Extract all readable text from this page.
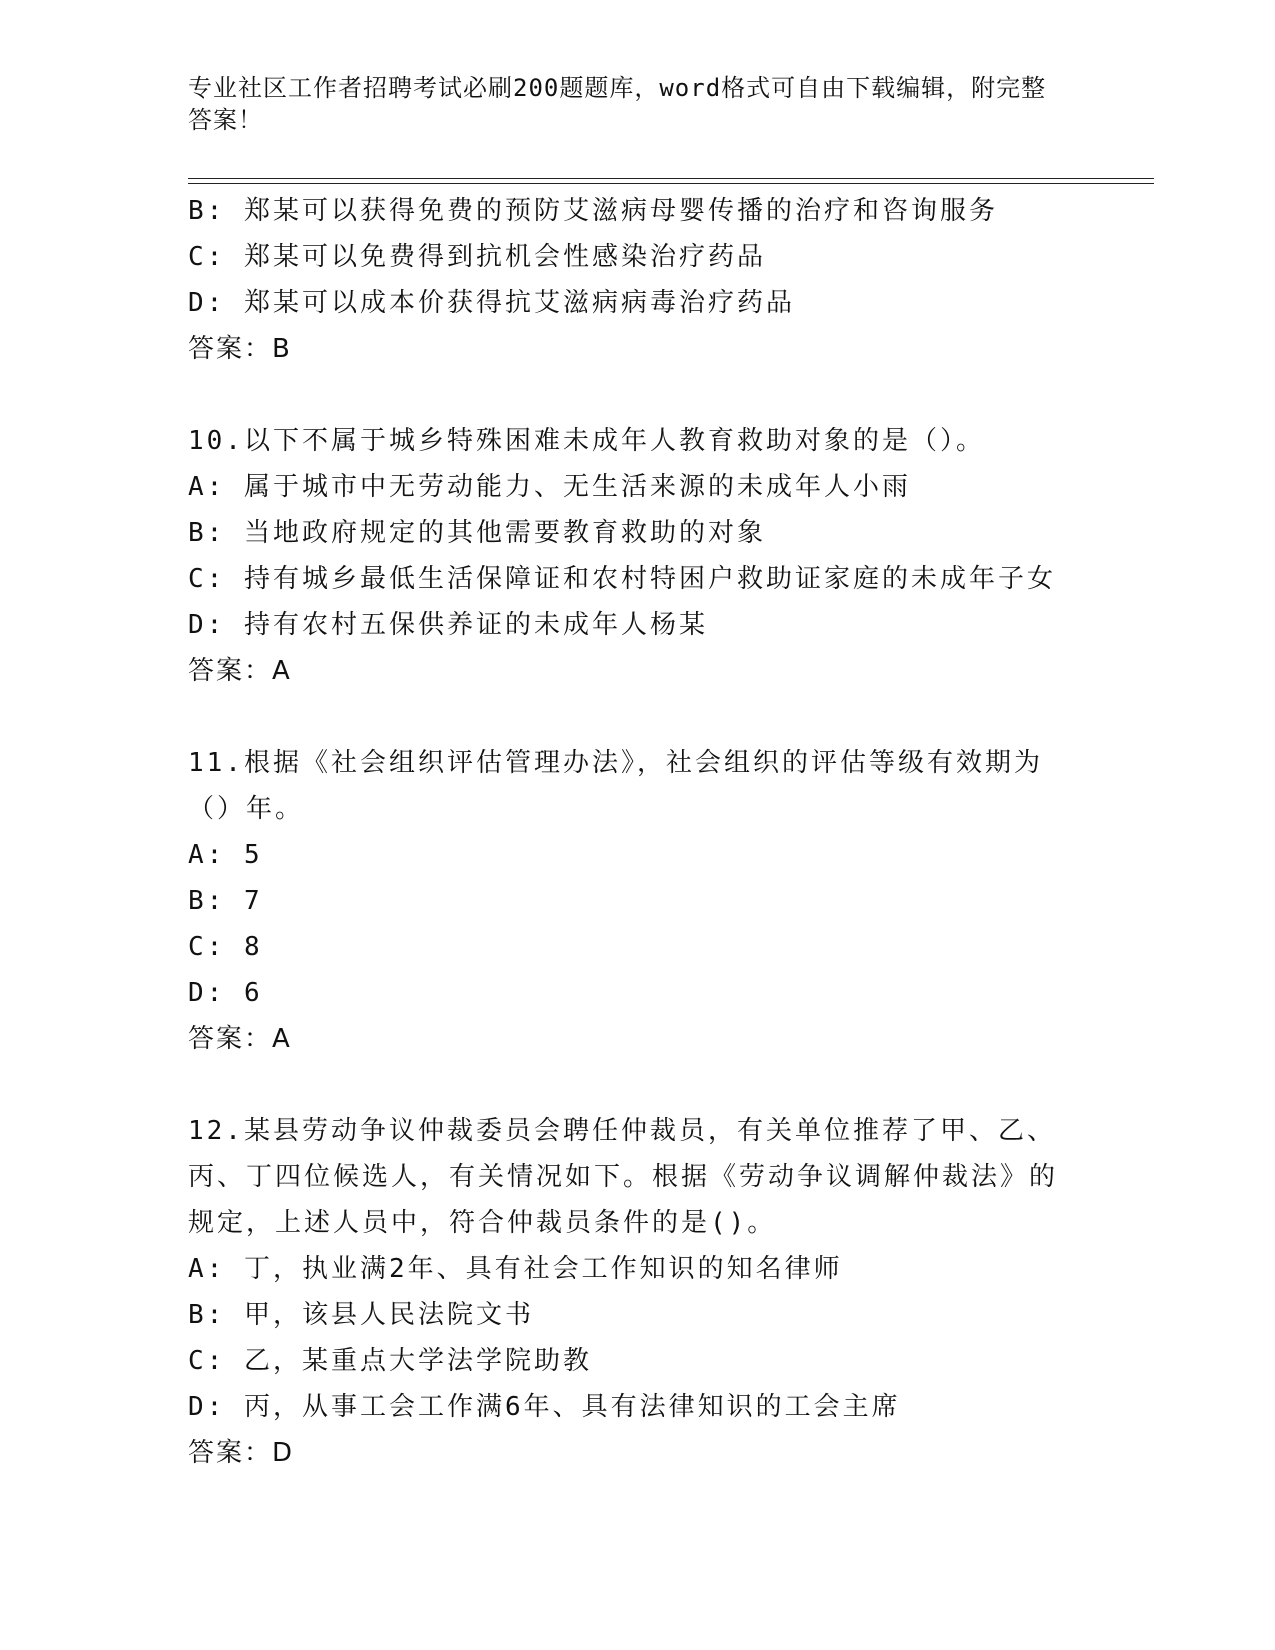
专业社区工作者招聘考试必刷200题题库，word格式可自由下载编辑，附完整答案！
B: 郑某可以获得免费的预防艾滋病母婴传播的治疗和咨询服务
C: 郑某可以免费得到抗机会性感染治疗药品
D: 郑某可以成本价获得抗艾滋病病毒治疗药品
答案：B
10.以下不属于城乡特殊困难未成年人教育救助对象的是（）。
A: 属于城市中无劳动能力、无生活来源的未成年人小雨
B: 当地政府规定的其他需要教育救助的对象
C: 持有城乡最低生活保障证和农村特困户救助证家庭的未成年子女
D: 持有农村五保供养证的未成年人杨某
答案：A
11.根据《社会组织评估管理办法》，社会组织的评估等级有效期为（）年。
A: 5
B: 7
C: 8
D: 6
答案：A
12.某县劳动争议仲裁委员会聘任仲裁员，有关单位推荐了甲、乙、丙、丁四位候选人，有关情况如下。根据《劳动争议调解仲裁法》的规定，上述人员中，符合仲裁员条件的是()。
A: 丁，执业满2年、具有社会工作知识的知名律师
B: 甲，该县人民法院文书
C: 乙，某重点大学法学院助教
D: 丙，从事工会工作满6年、具有法律知识的工会主席
答案：D
